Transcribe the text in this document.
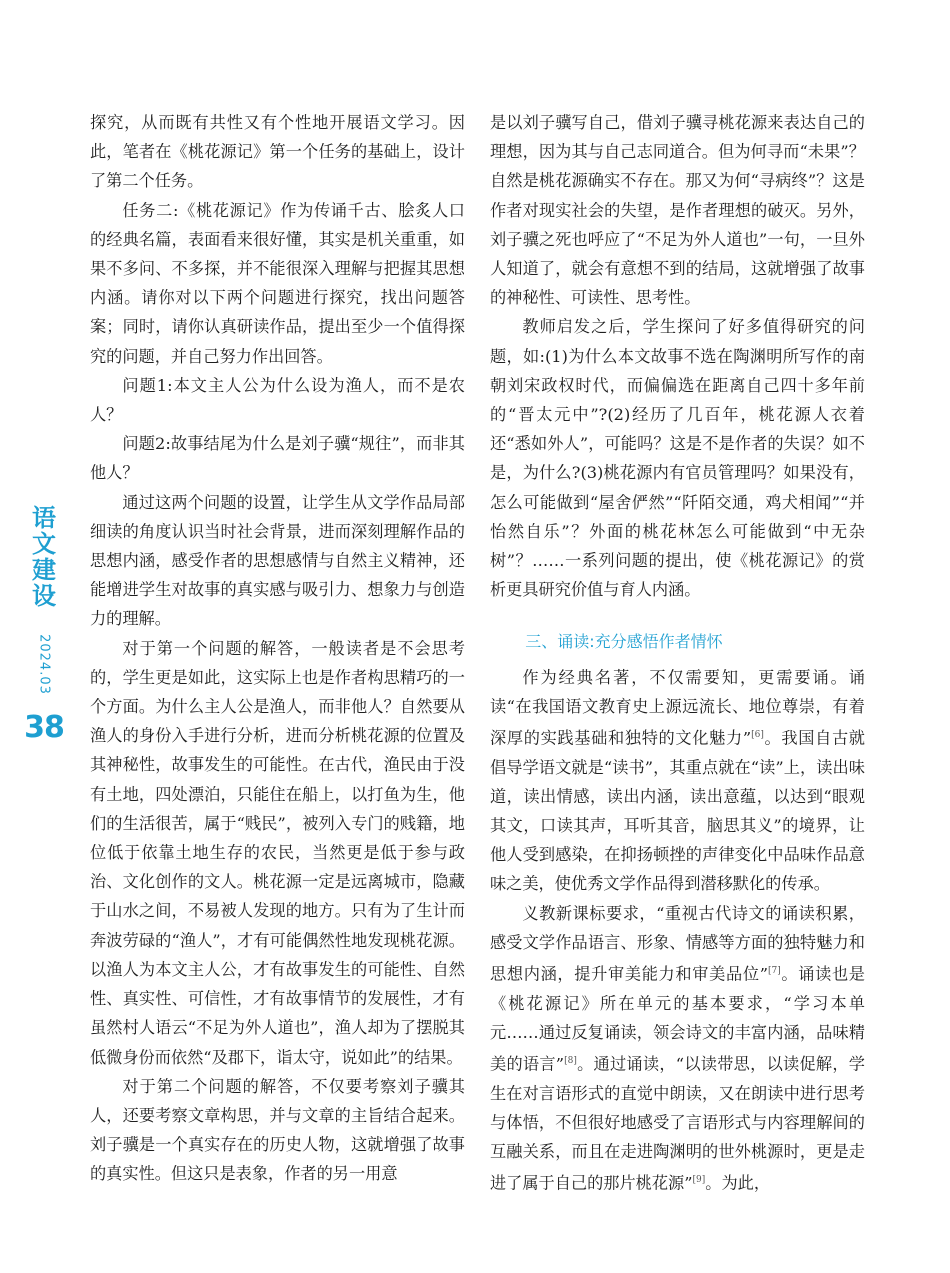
语
文
建
设
2024.03
38

探究，从而既有共性又有个性地开展语文学习。因此，笔者在《桃花源记》第一个任务的基础上，设计了第二个任务。

任务二:《桃花源记》作为传诵千古、脍炙人口的经典名篇，表面看来很好懂，其实是机关重重，如果不多问、不多探，并不能很深入理解与把握其思想内涵。请你对以下两个问题进行探究，找出问题答案；同时，请你认真研读作品，提出至少一个值得探究的问题，并自己努力作出回答。

问题1:本文主人公为什么设为渔人，而不是农人？

问题2:故事结尾为什么是刘子骥“规往”，而非其他人？

通过这两个问题的设置，让学生从文学作品局部细读的角度认识当时社会背景，进而深刻理解作品的思想内涵，感受作者的思想感情与自然主义精神，还能增进学生对故事的真实感与吸引力、想象力与创造力的理解。

对于第一个问题的解答，一般读者是不会思考的，学生更是如此，这实际上也是作者构思精巧的一个方面。为什么主人公是渔人，而非他人？自然要从渔人的身份入手进行分析，进而分析桃花源的位置及其神秘性，故事发生的可能性。在古代，渔民由于没有土地，四处漂泊，只能住在船上，以打鱼为生，他们的生活很苦，属于“贱民”，被列入专门的贱籍，地位低于依靠土地生存的农民，当然更是低于参与政治、文化创作的文人。桃花源一定是远离城市，隐藏于山水之间，不易被人发现的地方。只有为了生计而奔波劳碌的“渔人”，才有可能偶然性地发现桃花源。以渔人为本文主人公，才有故事发生的可能性、自然性、真实性、可信性，才有故事情节的发展性，才有虽然村人语云“不足为外人道也”，渔人却为了摆脱其低微身份而依然“及郡下，诣太守，说如此”的结果。

对于第二个问题的解答，不仅要考察刘子骥其人，还要考察文章构思，并与文章的主旨结合起来。刘子骥是一个真实存在的历史人物，这就增强了故事的真实性。但这只是表象，作者的另一用意

是以刘子骥写自己，借刘子骥寻桃花源来表达自己的理想，因为其与自己志同道合。但为何寻而“未果”？自然是桃花源确实不存在。那又为何“寻病终”？这是作者对现实社会的失望，是作者理想的破灭。另外，刘子骥之死也呼应了“不足为外人道也”一句，一旦外人知道了，就会有意想不到的结局，这就增强了故事的神秘性、可读性、思考性。

教师启发之后，学生探问了好多值得研究的问题，如:(1)为什么本文故事不选在陶渊明所写作的南朝刘宋政权时代，而偏偏选在距离自己四十多年前的“晋太元中”?(2)经历了几百年，桃花源人衣着还“悉如外人”，可能吗？这是不是作者的失误？如不是，为什么?(3)桃花源内有官员管理吗？如果没有，怎么可能做到“屋舍俨然”“阡陌交通，鸡犬相闻”“并怡然自乐”？外面的桃花林怎么可能做到“中无杂树”？……一系列问题的提出，使《桃花源记》的赏析更具研究价值与育人内涵。

三、诵读:充分感悟作者情怀

作为经典名著，不仅需要知，更需要诵。诵读“在我国语文教育史上源远流长、地位尊崇，有着深厚的实践基础和独特的文化魅力”[6]。我国自古就倡导学语文就是“读书”，其重点就在“读”上，读出味道，读出情感，读出内涵，读出意蕴，以达到“眼观其文，口读其声，耳听其音，脑思其义”的境界，让他人受到感染，在抑扬顿挫的声律变化中品味作品意味之美，使优秀文学作品得到潜移默化的传承。

义教新课标要求，“重视古代诗文的诵读积累，感受文学作品语言、形象、情感等方面的独特魅力和思想内涵，提升审美能力和审美品位”[7]。诵读也是《桃花源记》所在单元的基本要求，“学习本单元……通过反复诵读，领会诗文的丰富内涵，品味精美的语言”[8]。通过诵读，“以读带思，以读促解，学生在对言语形式的直觉中朗读，又在朗读中进行思考与体悟，不但很好地感受了言语形式与内容理解间的互融关系，而且在走进陶渊明的世外桃源时，更是走进了属于自己的那片桃花源”[9]。为此，
